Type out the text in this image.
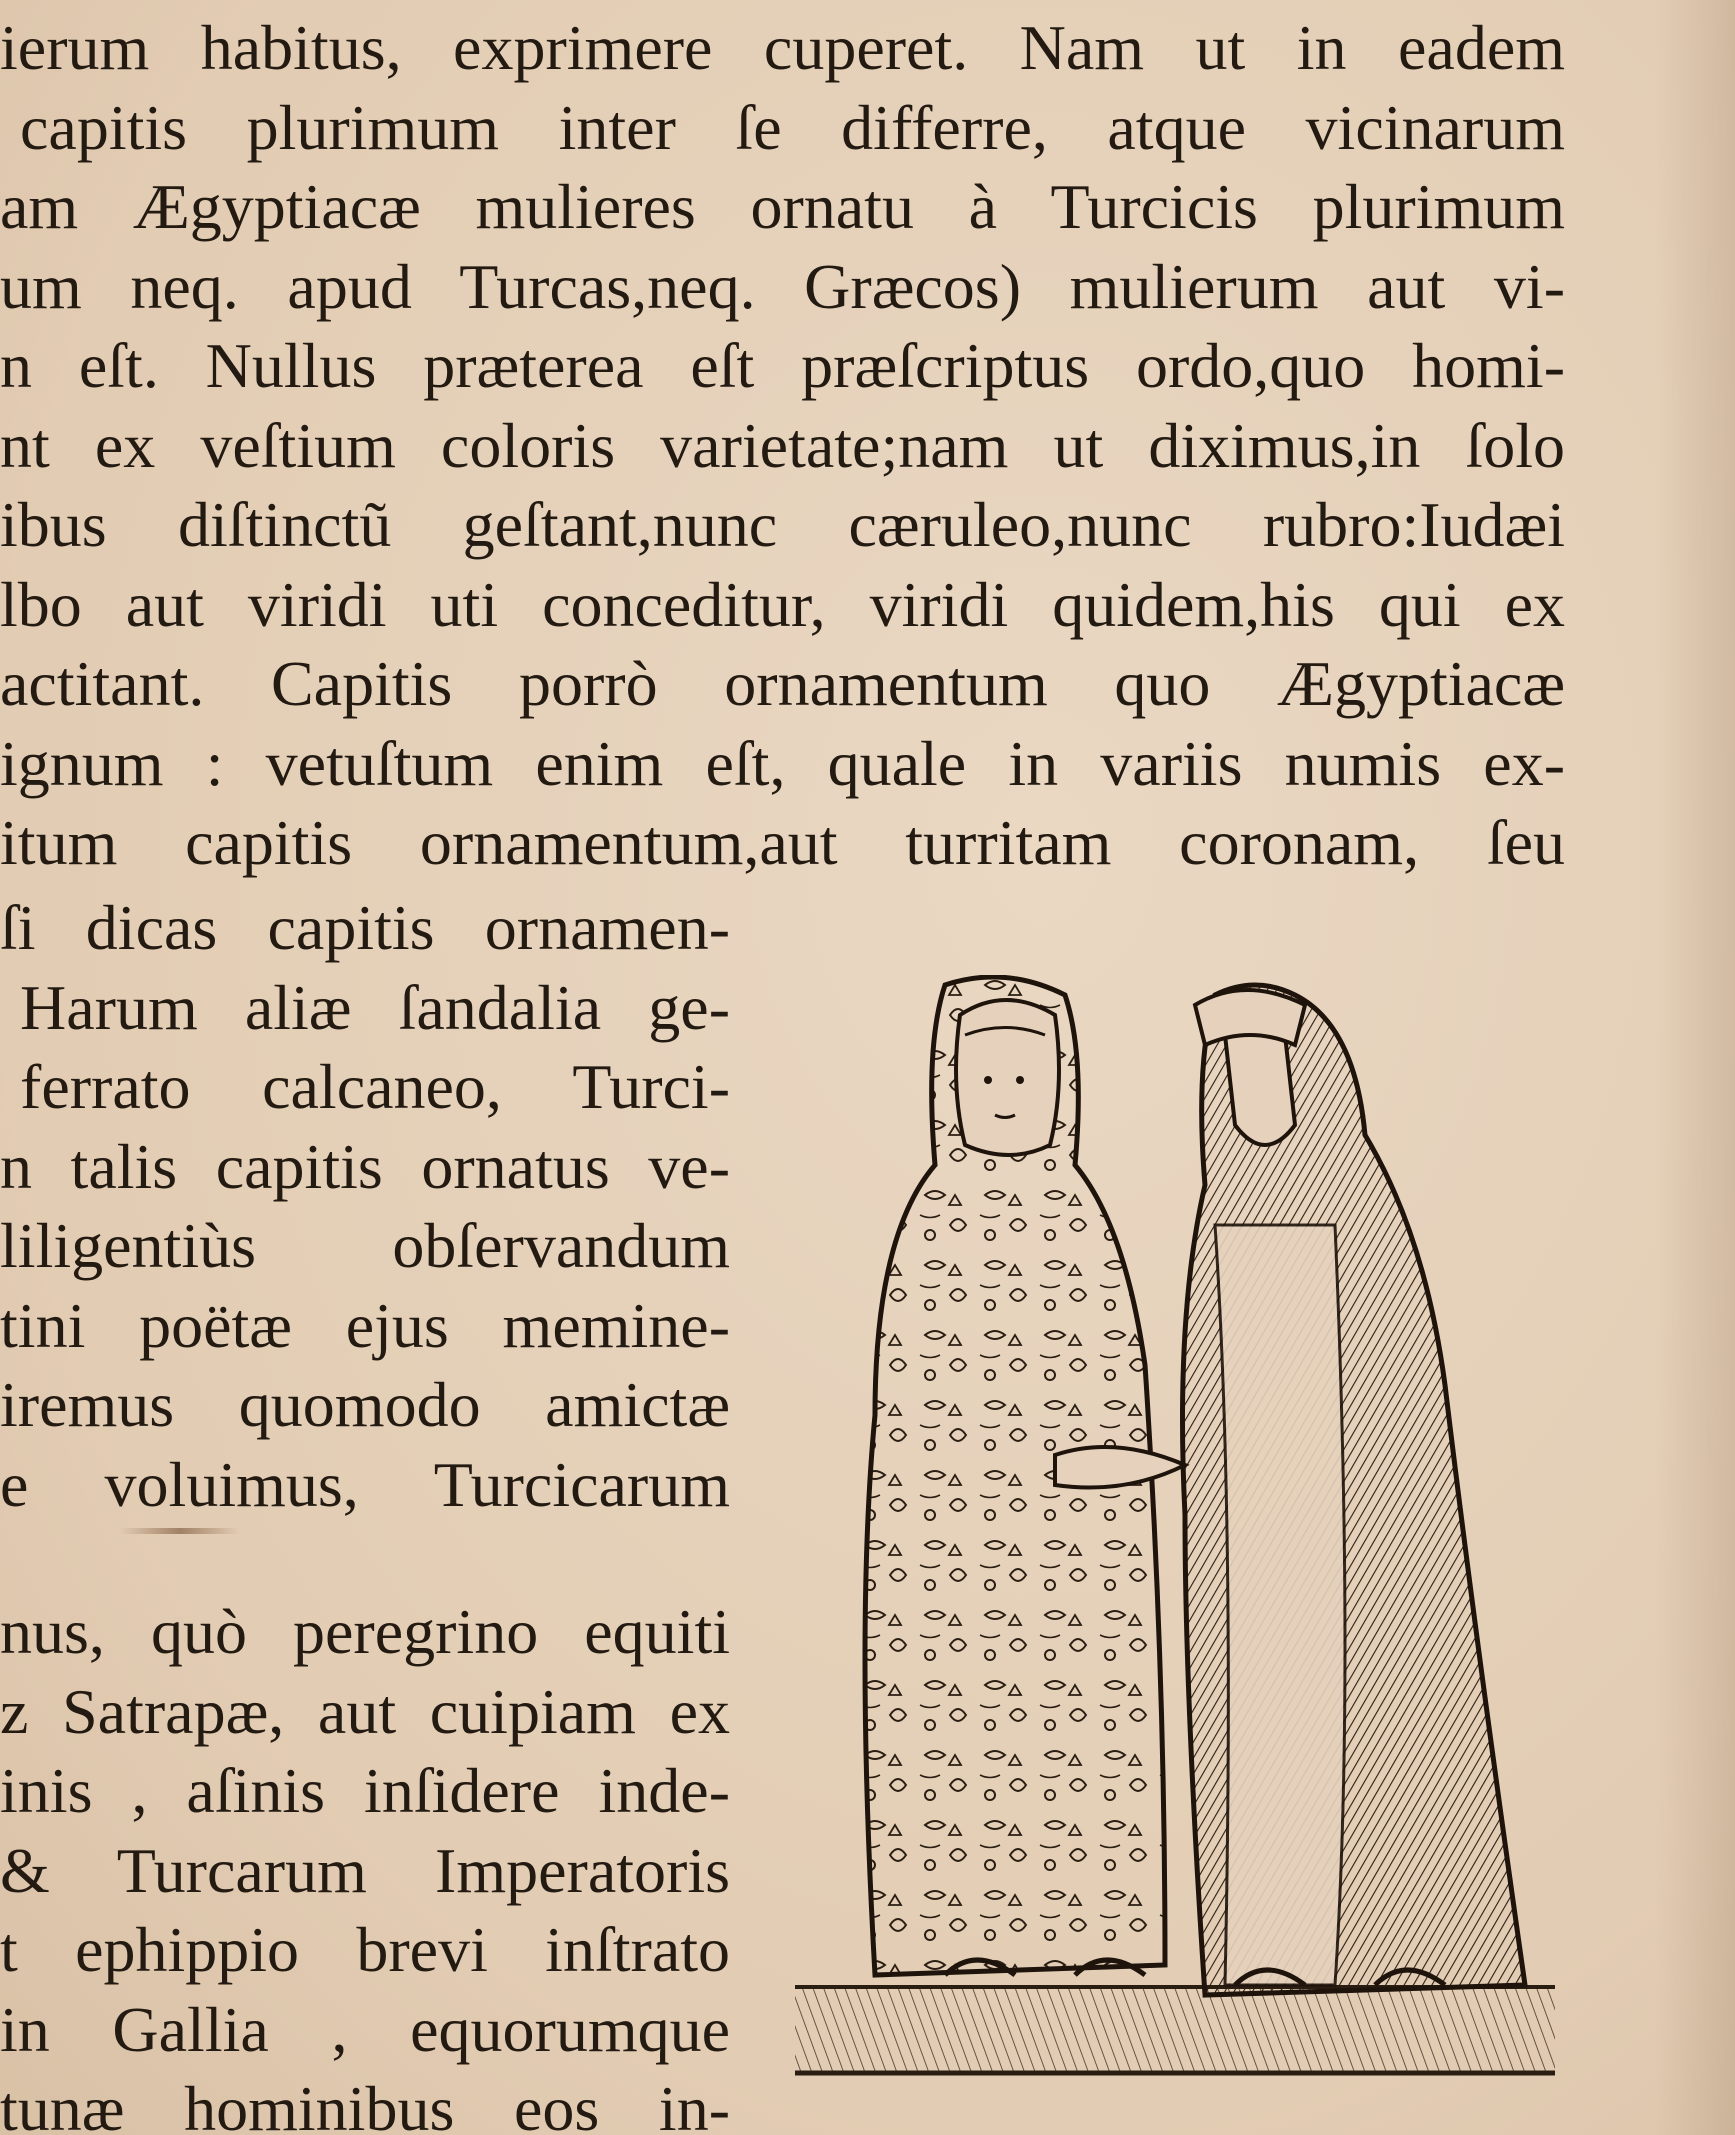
ierum habitus, exprimere cuperet. Nam ut in eadem
capitis plurimum inter ſe differre, atque vicinarum
am Ægyptiacæ mulieres ornatu à Turcicis plurimum
um neq. apud Turcas,neq. Græcos) mulierum aut vi-
n eſt. Nullus præterea eſt præſcriptus ordo,quo homi-
nt ex veſtium coloris varietate;nam ut diximus,in ſolo
ibus diſtinctũ geſtant,nunc cæruleo,nunc rubro:Iudæi
lbo aut viridi uti conceditur, viridi quidem,his qui ex
actitant. Capitis porrò ornamentum quo Ægyptiacæ
ignum : vetuſtum enim eſt, quale in variis numis ex-
itum capitis ornamentum,aut turritam coronam, ſeu
ſi dicas capitis ornamen-
Harum aliæ ſandalia ge-
ferrato calcaneo, Turci-
n talis capitis ornatus ve-
liligentiùs obſervandum
tini poëtæ ejus memine-
iremus quomodo amictæ
e voluimus, Turcicarum
nus, quò peregrino equiti
z Satrapæ, aut cuipiam ex
inis , aſinis inſidere inde-
& Turcarum Imperatoris
t ephippio brevi inſtrato
in Gallia , equorumque
tunæ hominibus eos in-
